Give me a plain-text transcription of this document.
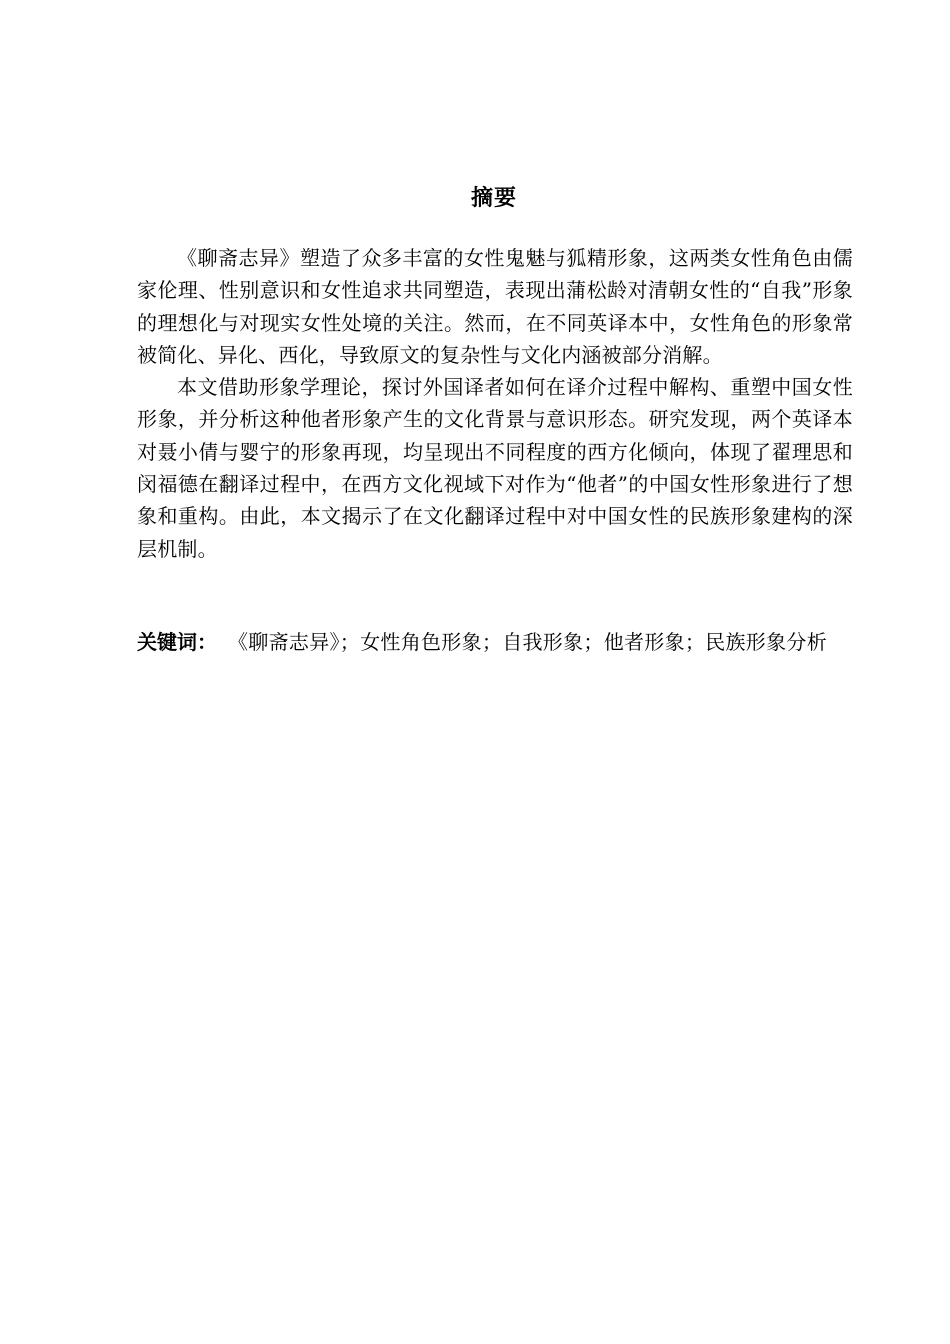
摘要

《聊斋志异》塑造了众多丰富的女性鬼魅与狐精形象，这两类女性角色由儒家伦理、性别意识和女性追求共同塑造，表现出蒲松龄对清朝女性的“自我”形象的理想化与对现实女性处境的关注。然而，在不同英译本中，女性角色的形象常被简化、异化、西化，导致原文的复杂性与文化内涵被部分消解。

本文借助形象学理论，探讨外国译者如何在译介过程中解构、重塑中国女性形象，并分析这种他者形象产生的文化背景与意识形态。研究发现，两个英译本对聂小倩与婴宁的形象再现，均呈现出不同程度的西方化倾向，体现了翟理思和闵福德在翻译过程中，在西方文化视域下对作为“他者”的中国女性形象进行了想象和重构。由此，本文揭示了在文化翻译过程中对中国女性的民族形象建构的深层机制。

关键词： 《聊斋志异》；女性角色形象；自我形象；他者形象；民族形象分析
